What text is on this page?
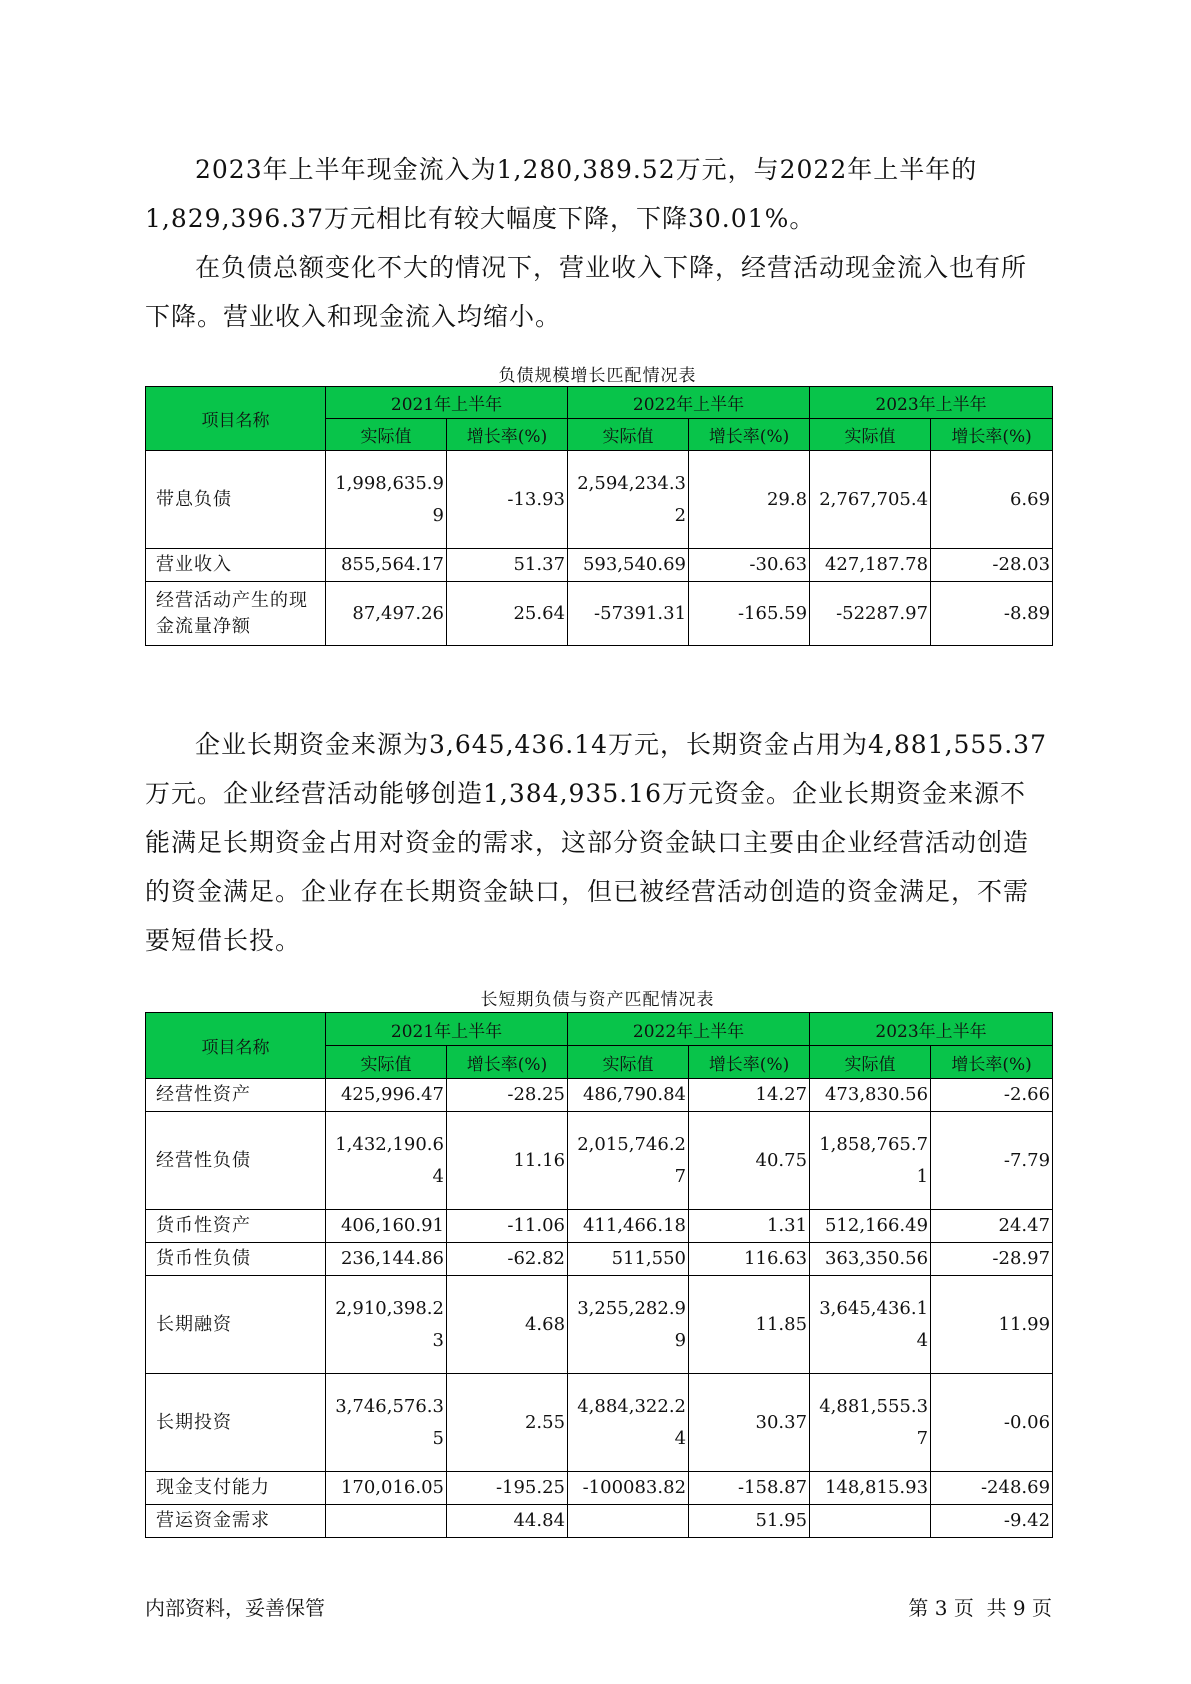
2023年上半年现金流入为1,280,389.52万元，与2022年上半年的1,829,396.37万元相比有较大幅度下降，下降30.01%。

在负债总额变化不大的情况下，营业收入下降，经营活动现金流入也有所下降。营业收入和现金流入均缩小。

负债规模增长匹配情况表
项目名称	2021年上半年		2022年上半年		2023年上半年	
	实际值	增长率(%)	实际值	增长率(%)	实际值	增长率(%)
带息负债	1,998,635.99	-13.93	2,594,234.32	29.8	2,767,705.4	6.69
营业收入	855,564.17	51.37	593,540.69	-30.63	427,187.78	-28.03
经营活动产生的现金流量净额	87,497.26	25.64	-57391.31	-165.59	-52287.97	-8.89

企业长期资金来源为3,645,436.14万元，长期资金占用为4,881,555.37万元。企业经营活动能够创造1,384,935.16万元资金。企业长期资金来源不能满足长期资金占用对资金的需求，这部分资金缺口主要由企业经营活动创造的资金满足。企业存在长期资金缺口，但已被经营活动创造的资金满足，不需要短借长投。

长短期负债与资产匹配情况表
项目名称	2021年上半年		2022年上半年		2023年上半年	
	实际值	增长率(%)	实际值	增长率(%)	实际值	增长率(%)
经营性资产	425,996.47	-28.25	486,790.84	14.27	473,830.56	-2.66
经营性负债	1,432,190.64	11.16	2,015,746.27	40.75	1,858,765.71	-7.79
货币性资产	406,160.91	-11.06	411,466.18	1.31	512,166.49	24.47
货币性负债	236,144.86	-62.82	511,550	116.63	363,350.56	-28.97
长期融资	2,910,398.23	4.68	3,255,282.99	11.85	3,645,436.14	11.99
长期投资	3,746,576.35	2.55	4,884,322.24	30.37	4,881,555.37	-0.06
现金支付能力	170,016.05	-195.25	-100083.82	-158.87	148,815.93	-248.69
营运资金需求		44.84		51.95		-9.42
内部资料，妥善保管	第 3 页  共 9 页
